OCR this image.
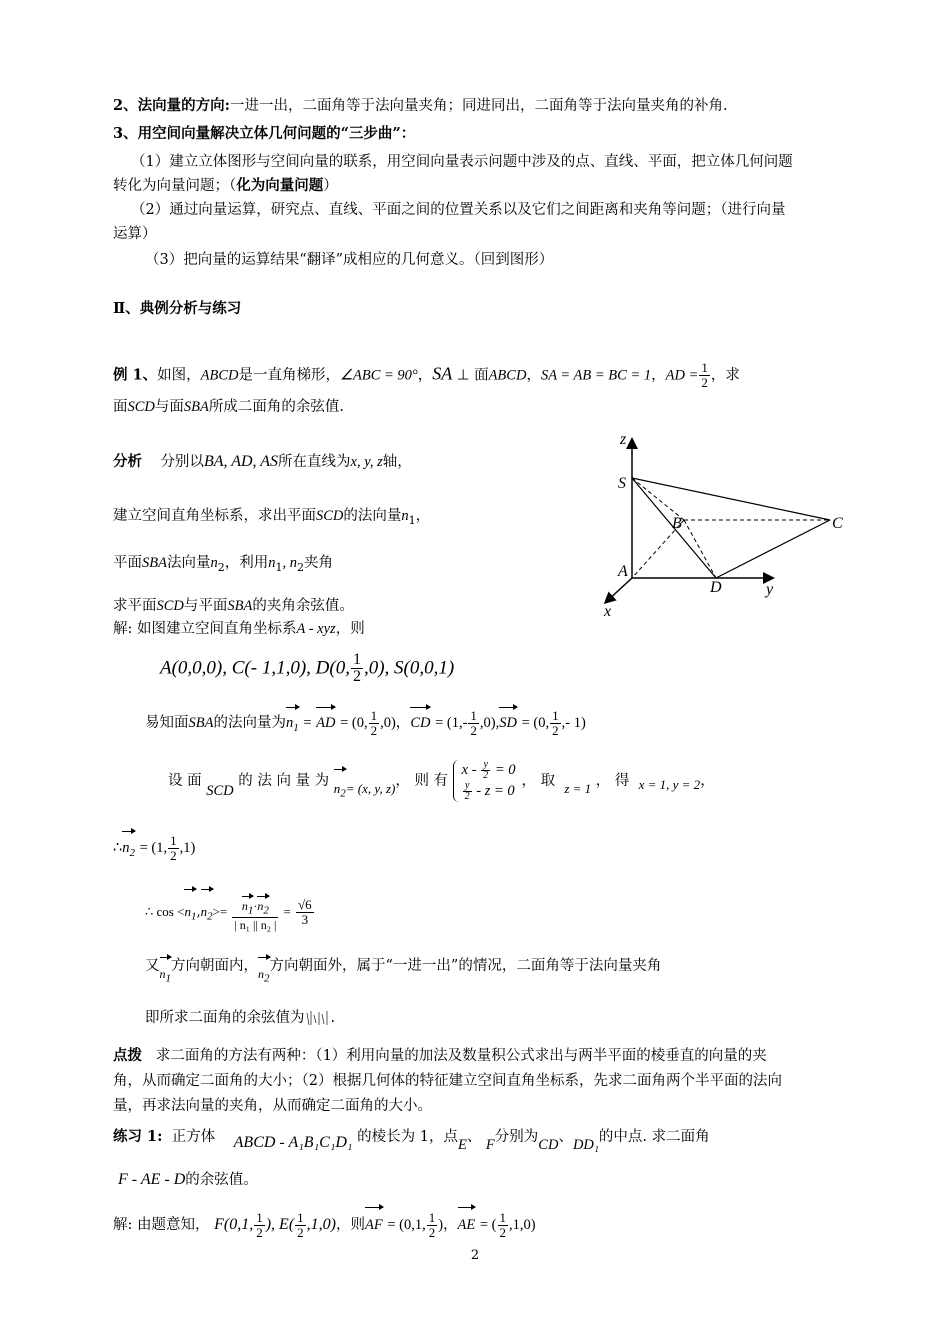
2、法向量的方向:一进一出，二面角等于法向量夹角；同进同出，二面角等于法向量夹角的补角.
3、用空间向量解决立体几何问题的“三步曲”：
（1）建立立体图形与空间向量的联系，用空间向量表示问题中涉及的点、直线、平面，把立体几何问题
转化为向量问题；（化为向量问题）
（2）通过向量运算，研究点、直线、平面之间的位置关系以及它们之间距离和夹角等问题；（进行向量
运算）
（3）把向量的运算结果“翻译”成相应的几何意义。（回到图形）
Ⅱ、典例分析与练习
例 1、如图，ABCD是一直角梯形，∠ABC = 90°，SA ⊥ 面ABCD，SA = AB = BC = 1，AD = $\frac{1}{2}$ ，求
面SCD与面SBA所成二面角的余弦值.
分析 分别以BA, AD, AS所在直线为x, y, z轴，
建立空间直角坐标系，求出平面SCD的法向量$n_1$，
平面SBA法向量$n_2$，利用$n_1$, $n_2$夹角
求平面SCD与平面SBA的夹角余弦值。
z
S
B	C
A
D	y
x
解: 如图建立空间直角坐标系A - xyz，则
A(0,0,0), C(- 1,1,0), D(0, $\frac{1}{2} ,0$), S(0,0,1)
易知面SBA的法向量为$n_1$ = AD = (0, $\frac{1}{2} ,0$)，CD = $(1,- \frac{1}{2} ,0),SD = (0$, $\frac{1}{2}$ ,- 1)
设 面 SCD 的 法 向 量 为 $n_2= (x$, y, z)， 则 有 $x - \frac{y}{2} = 0$

$\frac{y}{2} - z = 0$， 取 z = 1 ， 得 x = 1, y = 2，
$\therefore n_2 = (1$, $\frac{1}{2} ,1$)
∴ $\cos <n_1,n_2>= \frac{n_1\cdot n_2}{\text{| n₁ || n₂ |}} = \frac{√6}{3}$
又$n_1$方向朝面内，$n_2$方向朝面外，属于“一进一出”的情况，二面角等于法向量夹角
即所求二面角的余弦值为 .
点拨 求二面角的方法有两种：（1）利用向量的加法及数量积公式求出与两半平面的棱垂直的向量的夹
角，从而确定二面角的大小；（2）根据几何体的特征建立空间直角坐标系，先求二面角两个半平面的法向
量，再求法向量的夹角，从而确定二面角的大小。
练习 1: 正方体 ABCD - A₁B₁C₁D₁ 的棱长为 1，点E、 F分别为CD、DD₁的中点. 求二面角
F - AE - D的余弦值。
解: 由题意知， F(0,1, $\frac{1}{2}$ ), $E( \frac{1}{2} ,1,0)$，则AF = (0,1, $\frac{1}{2}$ )，AE = ( $\frac{1}{2} ,1,0$)
2
